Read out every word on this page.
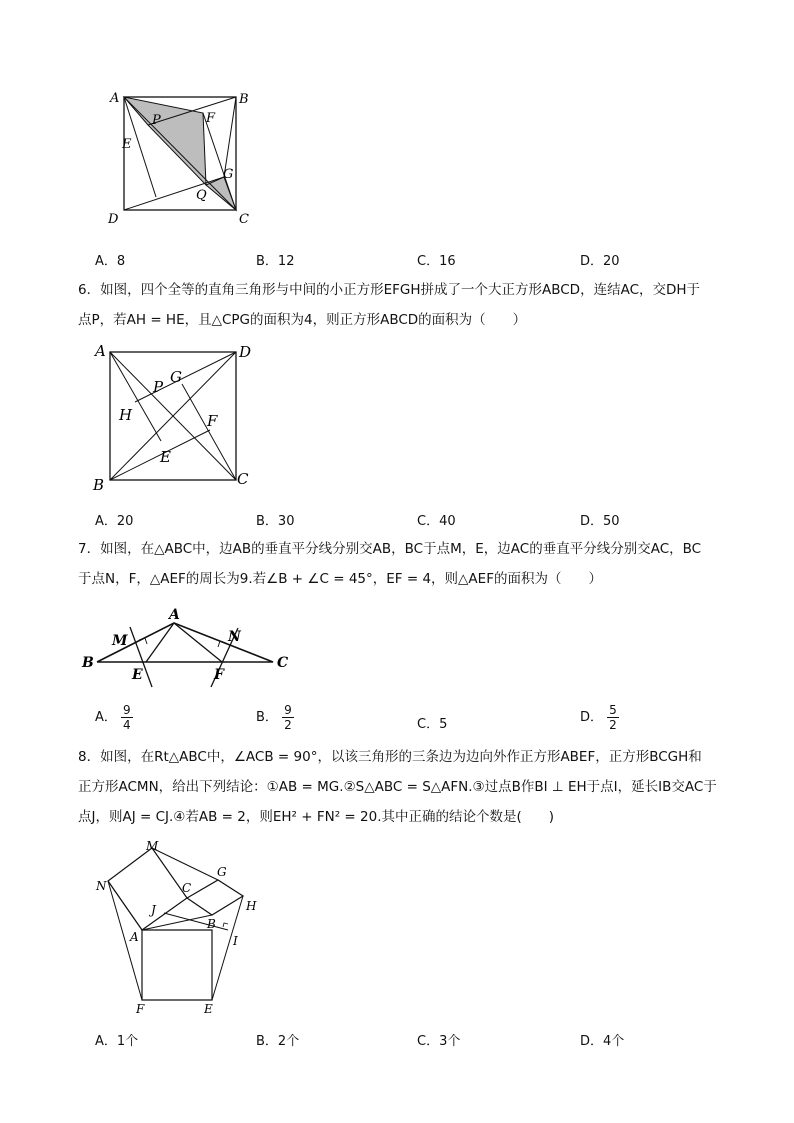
A	B
C
D
E
F
G
P
Q
A．8	B．12	C．16	D．20
6．如图，四个全等的直角三角形与中间的小正方形EFGH拼成了一个大正方形ABCD，连结AC，交DH于
点P，若AH = HE，且△CPG的面积为4，则正方形ABCD的面积为（　　）
A
B	C
D
E
F
G
H
P
A．20	B．30	C．40	D．50
7．如图，在△ABC中，边AB的垂直平分线分别交AB，BC于点M，E，边AC的垂直平分线分别交AC，BC
于点N，F，△AEF的周长为9.若∠B + ∠C = 45°，EF = 4，则△AEF的面积为（　　）
A
B	C
E	F
M	N
A． $\frac{9}{4}$	B． $\frac{9}{2}$	C．5	D． $\frac{5}{2}$
8．如图，在Rt△ABC中，∠ACB = 90°，以该三角形的三条边为边向外作正方形ABEF，正方形BCGH和
正方形ACMN，给出下列结论：①AB = MG.②S△ABC = S△AFN.③过点B作BI ⊥ EH于点I，延长IB交AC于
点J，则AJ = CJ.④若AB = 2，则EH² + FN² = 20.其中正确的结论个数是(　　)
A
B
C
E
F
G
H
I
J
M
N
A．1个	B．2个	C．3个	D．4个
